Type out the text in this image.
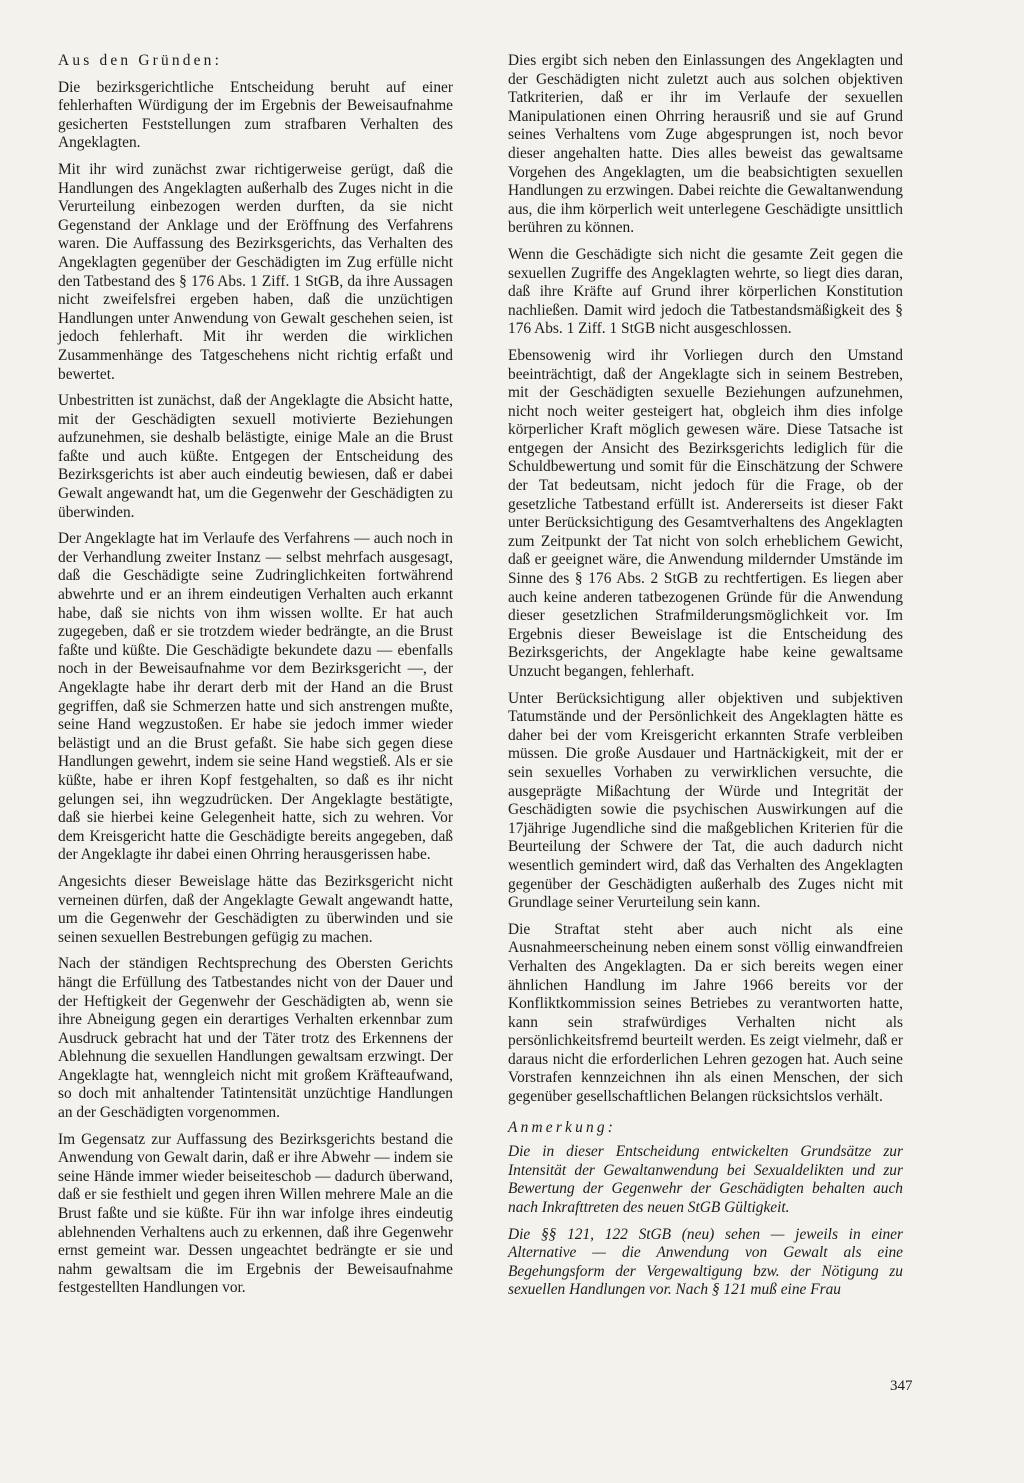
Aus den Gründen:

Die bezirksgerichtliche Entscheidung beruht auf einer fehlerhaften Würdigung der im Ergebnis der Beweisaufnahme gesicherten Feststellungen zum strafbaren Verhalten des Angeklagten.

Mit ihr wird zunächst zwar richtigerweise gerügt, daß die Handlungen des Angeklagten außerhalb des Zuges nicht in die Verurteilung einbezogen werden durften, da sie nicht Gegenstand der Anklage und der Eröffnung des Verfahrens waren. Die Auffassung des Bezirksgerichts, das Verhalten des Angeklagten gegenüber der Geschädigten im Zug erfülle nicht den Tatbestand des § 176 Abs. 1 Ziff. 1 StGB, da ihre Aussagen nicht zweifelsfrei ergeben haben, daß die unzüchtigen Handlungen unter Anwendung von Gewalt geschehen seien, ist jedoch fehlerhaft. Mit ihr werden die wirklichen Zusammenhänge des Tatgeschehens nicht richtig erfaßt und bewertet.

Unbestritten ist zunächst, daß der Angeklagte die Absicht hatte, mit der Geschädigten sexuell motivierte Beziehungen aufzunehmen, sie deshalb belästigte, einige Male an die Brust faßte und auch küßte. Entgegen der Entscheidung des Bezirksgerichts ist aber auch eindeutig bewiesen, daß er dabei Gewalt angewandt hat, um die Gegenwehr der Geschädigten zu überwinden.

Der Angeklagte hat im Verlaufe des Verfahrens — auch noch in der Verhandlung zweiter Instanz — selbst mehrfach ausgesagt, daß die Geschädigte seine Zudringlichkeiten fortwährend abwehrte und er an ihrem eindeutigen Verhalten auch erkannt habe, daß sie nichts von ihm wissen wollte. Er hat auch zugegeben, daß er sie trotzdem wieder bedrängte, an die Brust faßte und küßte. Die Geschädigte bekundete dazu — ebenfalls noch in der Beweisaufnahme vor dem Bezirksgericht —, der Angeklagte habe ihr derart derb mit der Hand an die Brust gegriffen, daß sie Schmerzen hatte und sich anstrengen mußte, seine Hand wegzustoßen. Er habe sie jedoch immer wieder belästigt und an die Brust gefaßt. Sie habe sich gegen diese Handlungen gewehrt, indem sie seine Hand wegstieß. Als er sie küßte, habe er ihren Kopf festgehalten, so daß es ihr nicht gelungen sei, ihn wegzudrücken. Der Angeklagte bestätigte, daß sie hierbei keine Gelegenheit hatte, sich zu wehren. Vor dem Kreisgericht hatte die Geschädigte bereits angegeben, daß der Angeklagte ihr dabei einen Ohrring herausgerissen habe.

Angesichts dieser Beweislage hätte das Bezirksgericht nicht verneinen dürfen, daß der Angeklagte Gewalt angewandt hatte, um die Gegenwehr der Geschädigten zu überwinden und sie seinen sexuellen Bestrebungen gefügig zu machen.

Nach der ständigen Rechtsprechung des Obersten Gerichts hängt die Erfüllung des Tatbestandes nicht von der Dauer und der Heftigkeit der Gegenwehr der Geschädigten ab, wenn sie ihre Abneigung gegen ein derartiges Verhalten erkennbar zum Ausdruck gebracht hat und der Täter trotz des Erkennens der Ablehnung die sexuellen Handlungen gewaltsam erzwingt. Der Angeklagte hat, wenngleich nicht mit großem Kräfteaufwand, so doch mit anhaltender Tatintensität unzüchtige Handlungen an der Geschädigten vorgenommen.

Im Gegensatz zur Auffassung des Bezirksgerichts bestand die Anwendung von Gewalt darin, daß er ihre Abwehr — indem sie seine Hände immer wieder beiseiteschob — dadurch überwand, daß er sie festhielt und gegen ihren Willen mehrere Male an die Brust faßte und sie küßte. Für ihn war infolge ihres eindeutig ablehnenden Verhaltens auch zu erkennen, daß ihre Gegenwehr ernst gemeint war. Dessen ungeachtet bedrängte er sie und nahm gewaltsam die im Ergebnis der Beweisaufnahme festgestellten Handlungen vor.

Dies ergibt sich neben den Einlassungen des Angeklagten und der Geschädigten nicht zuletzt auch aus solchen objektiven Tatkriterien, daß er ihr im Verlaufe der sexuellen Manipulationen einen Ohrring herausriß und sie auf Grund seines Verhaltens vom Zuge abgesprungen ist, noch bevor dieser angehalten hatte. Dies alles beweist das gewaltsame Vorgehen des Angeklagten, um die beabsichtigten sexuellen Handlungen zu erzwingen. Dabei reichte die Gewaltanwendung aus, die ihm körperlich weit unterlegene Geschädigte unsittlich berühren zu können.

Wenn die Geschädigte sich nicht die gesamte Zeit gegen die sexuellen Zugriffe des Angeklagten wehrte, so liegt dies daran, daß ihre Kräfte auf Grund ihrer körperlichen Konstitution nachließen. Damit wird jedoch die Tatbestandsmäßigkeit des § 176 Abs. 1 Ziff. 1 StGB nicht ausgeschlossen.

Ebensowenig wird ihr Vorliegen durch den Umstand beeinträchtigt, daß der Angeklagte sich in seinem Bestreben, mit der Geschädigten sexuelle Beziehungen aufzunehmen, nicht noch weiter gesteigert hat, obgleich ihm dies infolge körperlicher Kraft möglich gewesen wäre. Diese Tatsache ist entgegen der Ansicht des Bezirksgerichts lediglich für die Schuldbewertung und somit für die Einschätzung der Schwere der Tat bedeutsam, nicht jedoch für die Frage, ob der gesetzliche Tatbestand erfüllt ist. Andererseits ist dieser Fakt unter Berücksichtigung des Gesamtverhaltens des Angeklagten zum Zeitpunkt der Tat nicht von solch erheblichem Gewicht, daß er geeignet wäre, die Anwendung mildernder Umstände im Sinne des § 176 Abs. 2 StGB zu rechtfertigen. Es liegen aber auch keine anderen tatbezogenen Gründe für die Anwendung dieser gesetzlichen Strafmilderungsmöglichkeit vor. Im Ergebnis dieser Beweislage ist die Entscheidung des Bezirksgerichts, der Angeklagte habe keine gewaltsame Unzucht begangen, fehlerhaft.

Unter Berücksichtigung aller objektiven und subjektiven Tatumstände und der Persönlichkeit des Angeklagten hätte es daher bei der vom Kreisgericht erkannten Strafe verbleiben müssen. Die große Ausdauer und Hartnäckigkeit, mit der er sein sexuelles Vorhaben zu verwirklichen versuchte, die ausgeprägte Mißachtung der Würde und Integrität der Geschädigten sowie die psychischen Auswirkungen auf die 17jährige Jugendliche sind die maßgeblichen Kriterien für die Beurteilung der Schwere der Tat, die auch dadurch nicht wesentlich gemindert wird, daß das Verhalten des Angeklagten gegenüber der Geschädigten außerhalb des Zuges nicht mit Grundlage seiner Verurteilung sein kann.

Die Straftat steht aber auch nicht als eine Ausnahmeerscheinung neben einem sonst völlig einwandfreien Verhalten des Angeklagten. Da er sich bereits wegen einer ähnlichen Handlung im Jahre 1966 bereits vor der Konfliktkommission seines Betriebes zu verantworten hatte, kann sein strafwürdiges Verhalten nicht als persönlichkeitsfremd beurteilt werden. Es zeigt vielmehr, daß er daraus nicht die erforderlichen Lehren gezogen hat. Auch seine Vorstrafen kennzeichnen ihn als einen Menschen, der sich gegenüber gesellschaftlichen Belangen rücksichtslos verhält.

Anmerkung:

Die in dieser Entscheidung entwickelten Grundsätze zur Intensität der Gewaltanwendung bei Sexualdelikten und zur Bewertung der Gegenwehr der Geschädigten behalten auch nach Inkrafttreten des neuen StGB Gültigkeit.

Die §§ 121, 122 StGB (neu) sehen — jeweils in einer Alternative — die Anwendung von Gewalt als eine Begehungsform der Vergewaltigung bzw. der Nötigung zu sexuellen Handlungen vor. Nach § 121 muß eine Frau

347
